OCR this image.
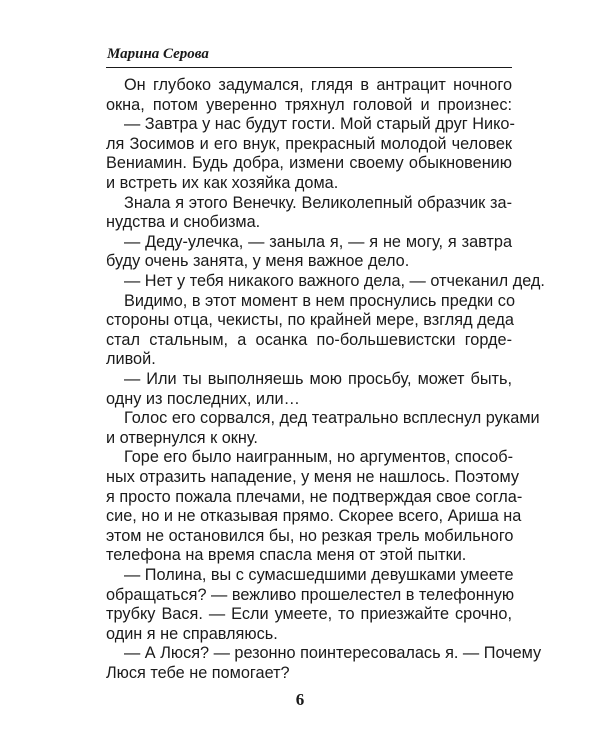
Марина Серова
Он глубоко задумался, глядя в антрацит ночного
окна, потом уверенно тряхнул головой и произнес:
— Завтра у нас будут гости. Мой старый друг Нико-
ля Зосимов и его внук, прекрасный молодой человек
Вениамин. Будь добра, измени своему обыкновению
и встреть их как хозяйка дома.
Знала я этого Венечку. Великолепный образчик за-
нудства и снобизма.
— Деду-улечка, — заныла я, — я не могу, я завтра
буду очень занята, у меня важное дело.
— Нет у тебя никакого важного дела, — отчеканил дед.
Видимо, в этот момент в нем проснулись предки со
стороны отца, чекисты, по крайней мере, взгляд деда
стал стальным, а осанка по-большевистски горде-
ливой.
— Или ты выполняешь мою просьбу, может быть,
одну из последних, или…
Голос его сорвался, дед театрально всплеснул руками
и отвернулся к окну.
Горе его было наигранным, но аргументов, способ-
ных отразить нападение, у меня не нашлось. Поэтому
я просто пожала плечами, не подтверждая свое согла-
сие, но и не отказывая прямо. Скорее всего, Ариша на
этом не остановился бы, но резкая трель мобильного
телефона на время спасла меня от этой пытки.
— Полина, вы с сумасшедшими девушками умеете
обращаться? — вежливо прошелестел в телефонную
трубку Вася. — Если умеете, то приезжайте срочно,
один я не справляюсь.
— А Люся? — резонно поинтересовалась я. — Почему
Люся тебе не помогает?
6
